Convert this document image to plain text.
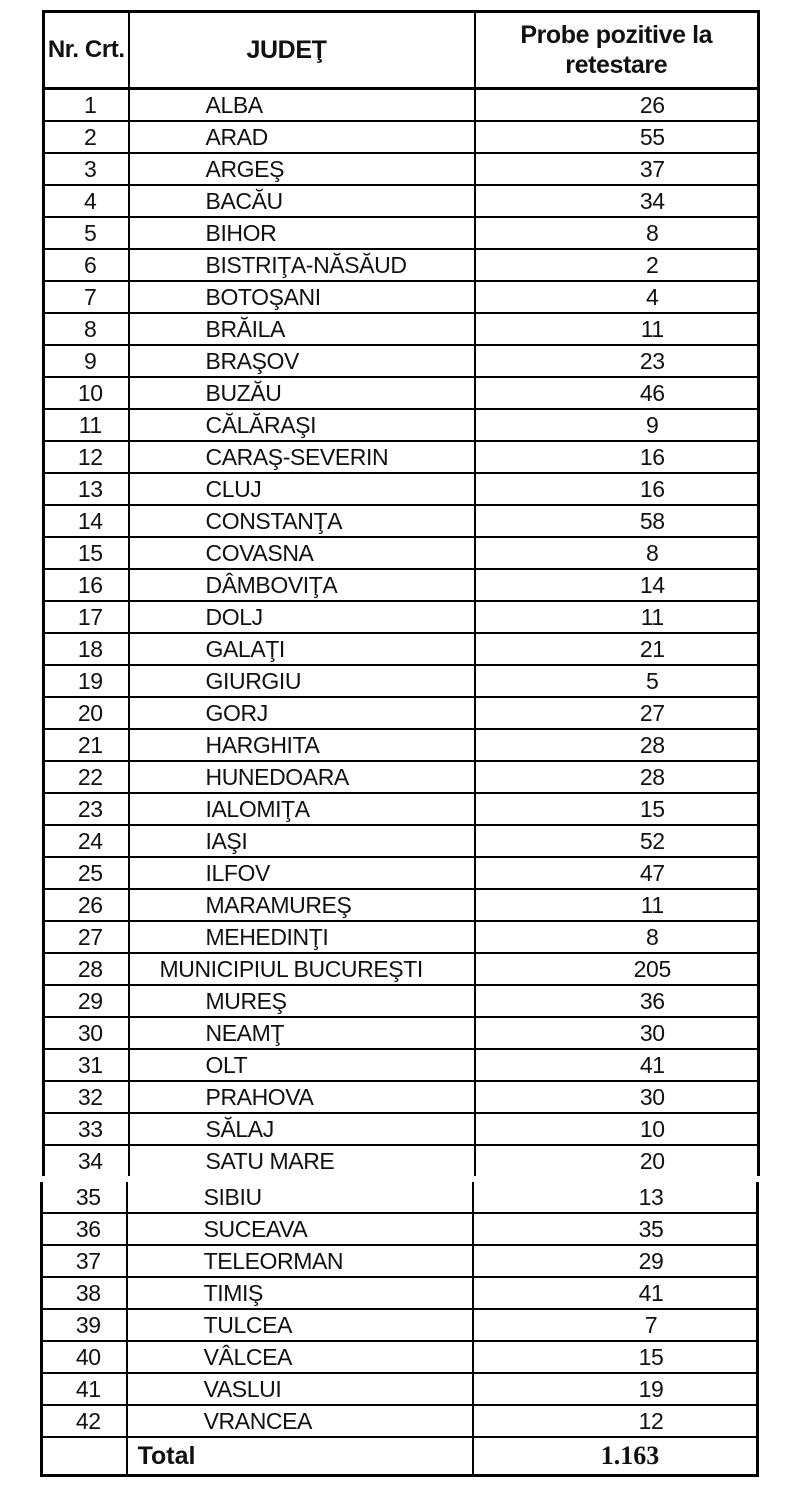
Nr. Crt.	JUDEŢ	Probe pozitive la retestare
1	ALBA	26
2	ARAD	55
3	ARGEŞ	37
4	BACĂU	34
5	BIHOR	8
6	BISTRIŢA-NĂSĂUD	2
7	BOTOŞANI	4
8	BRĂILA	11
9	BRAŞOV	23
10	BUZĂU	46
11	CĂLĂRAŞI	9
12	CARAŞ-SEVERIN	16
13	CLUJ	16
14	CONSTANŢA	58
15	COVASNA	8
16	DÂMBOVIŢA	14
17	DOLJ	11
18	GALAŢI	21
19	GIURGIU	5
20	GORJ	27
21	HARGHITA	28
22	HUNEDOARA	28
23	IALOMIŢA	15
24	IAŞI	52
25	ILFOV	47
26	MARAMUREŞ	11
27	MEHEDINŢI	8
28	MUNICIPIUL BUCUREŞTI	205
29	MUREŞ	36
30	NEAMŢ	30
31	OLT	41
32	PRAHOVA	30
33	SĂLAJ	10
34	SATU MARE	20
35	SIBIU	13
36	SUCEAVA	35
37	TELEORMAN	29
38	TIMIŞ	41
39	TULCEA	7
40	VÂLCEA	15
41	VASLUI	19
42	VRANCEA	12
	Total	1.163
